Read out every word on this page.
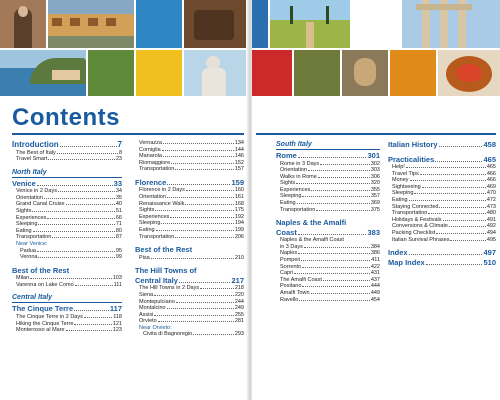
Contents
Introduction	7
The Best of Italy	8
Travel Smart	23
North Italy
Venice	33
Venice in 2 Days	34
Orientation	35
Grand Canal Cruise	40
Sights	51
Experiences	66
Sleeping	71
Eating	80
Transportation	87
Near Venice:
Padua	95
Verona	99
Best of the Rest
Milan	103
Varenna on Lake Como	111
Central Italy
The Cinque Terre	117
The Cinque Terre in 2 Days	118
Hiking the Cinque Terre	121
Monterosso al Mare	123
Vernazza	134
Corniglia	144
Manarola	146
Riomaggiore	152
Transportation	157
Florence	159
Florence in 2 Days	160
Orientation	161
Renaissance Walk	168
Sights	175
Experiences	192
Sleeping	194
Eating	199
Transportation	206
Best of the Rest
Pisa	210
The Hill Towns of
Central Italy	217
The Hill Towns in 2 Days	218
Siena	220
Montepulciano	244
Montalcino	249
Assisi	255
Orvieto	281
Near Orvieto:
Civita di Bagnoregio	293
South Italy
Rome	301
Rome in 3 Days	302
Orientation	303
Walks in Rome	306
Sights	320
Experiences	355
Sleeping	357
Eating	369
Transportation	375
Naples & the Amalfi
Coast	383
Naples & the Amalfi Coast
in 3 Days	384
Naples	386
Pompeii	411
Sorrento	422
Capri	431
The Amalfi Coast	437
Positano	444
Amalfi Town	449
Ravello	454
Italian History	458
Practicalities	465
Help!	465
Travel Tips	466
Money	466
Sightseeing	469
Sleeping	470
Eating	472
Staying Connected	473
Transportation	480
Holidays & Festivals	491
Conversions & Climate	492
Packing Checklist	494
Italian Survival Phrases	495
Index	497
Map Index	510
